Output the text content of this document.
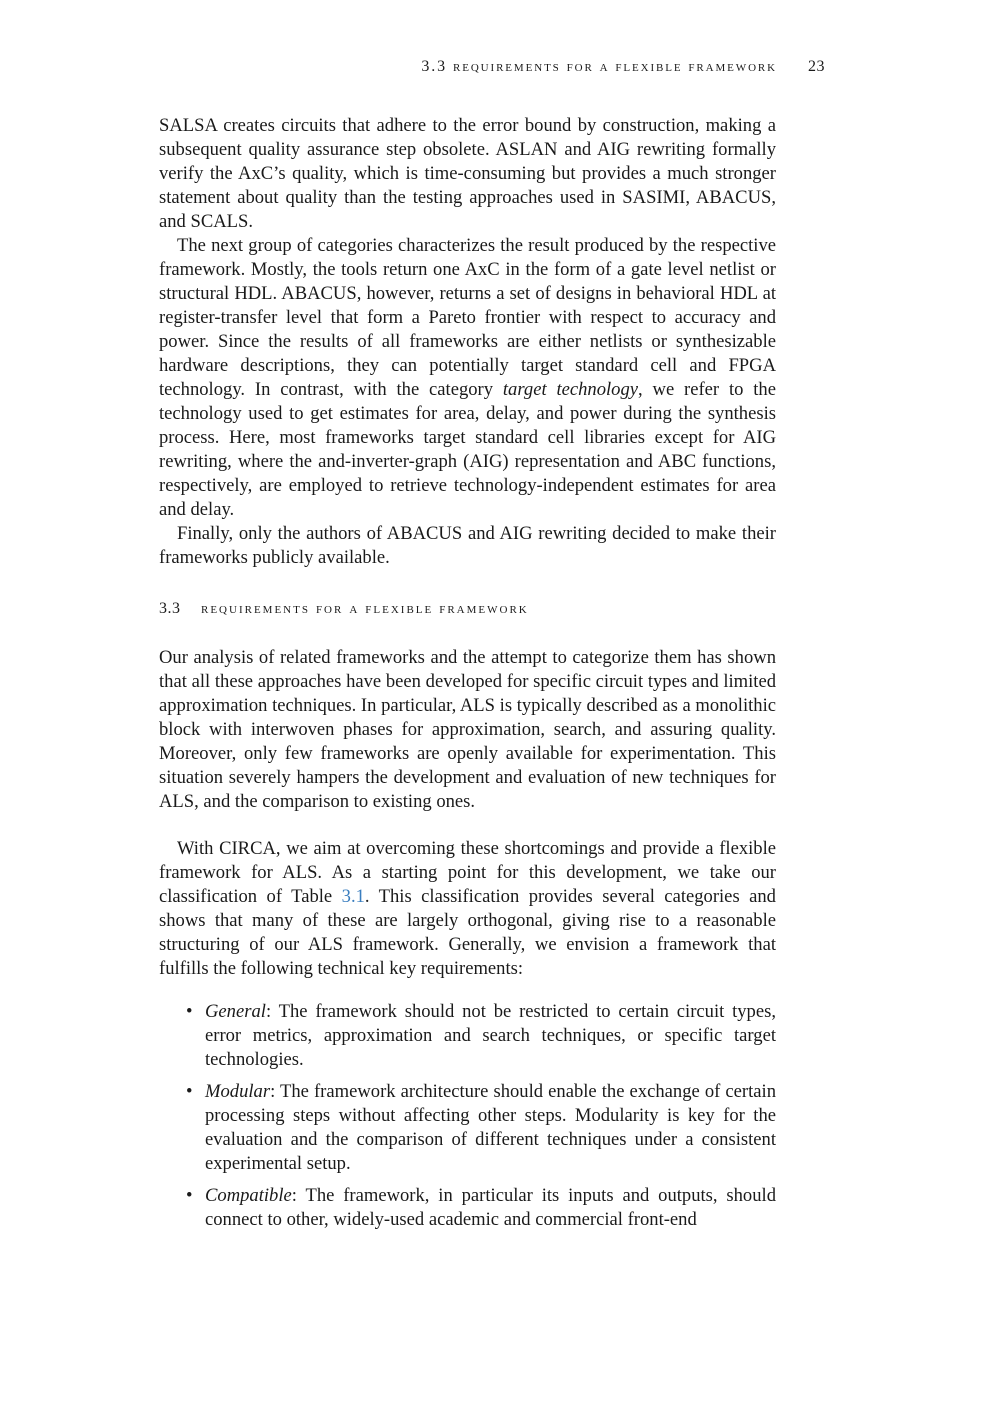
3.3 requirements for a flexible framework 23

SALSA creates circuits that adhere to the error bound by construction, making a subsequent quality assurance step obsolete. ASLAN and AIG rewriting formally verify the AxC’s quality, which is time-consuming but provides a much stronger statement about quality than the testing approaches used in SASIMI, ABACUS, and SCALS.

The next group of categories characterizes the result produced by the respective framework. Mostly, the tools return one AxC in the form of a gate level netlist or structural HDL. ABACUS, however, returns a set of designs in behavioral HDL at register-transfer level that form a Pareto frontier with respect to accuracy and power. Since the results of all frameworks are either netlists or synthesizable hardware descriptions, they can potentially target standard cell and FPGA technology. In contrast, with the category target technology, we refer to the technology used to get estimates for area, delay, and power during the synthesis process. Here, most frameworks target standard cell libraries except for AIG rewriting, where the and-inverter-graph (AIG) representation and ABC functions, respectively, are employed to retrieve technology-independent estimates for area and delay.

Finally, only the authors of ABACUS and AIG rewriting decided to make their frameworks publicly available.

3.3 requirements for a flexible framework

Our analysis of related frameworks and the attempt to categorize them has shown that all these approaches have been developed for specific circuit types and limited approximation techniques. In particular, ALS is typically described as a monolithic block with interwoven phases for approximation, search, and assuring quality. Moreover, only few frameworks are openly available for experimentation. This situation severely hampers the development and evaluation of new techniques for ALS, and the comparison to existing ones.

With CIRCA, we aim at overcoming these shortcomings and provide a flexible framework for ALS. As a starting point for this development, we take our classification of Table 3.1. This classification provides several categories and shows that many of these are largely orthogonal, giving rise to a reasonable structuring of our ALS framework. Generally, we envision a framework that fulfills the following technical key requirements:

• General: The framework should not be restricted to certain circuit types, error metrics, approximation and search techniques, or specific target technologies.
• Modular: The framework architecture should enable the exchange of certain processing steps without affecting other steps. Modularity is key for the evaluation and the comparison of different techniques under a consistent experimental setup.
• Compatible: The framework, in particular its inputs and outputs, should connect to other, widely-used academic and commercial front-end
